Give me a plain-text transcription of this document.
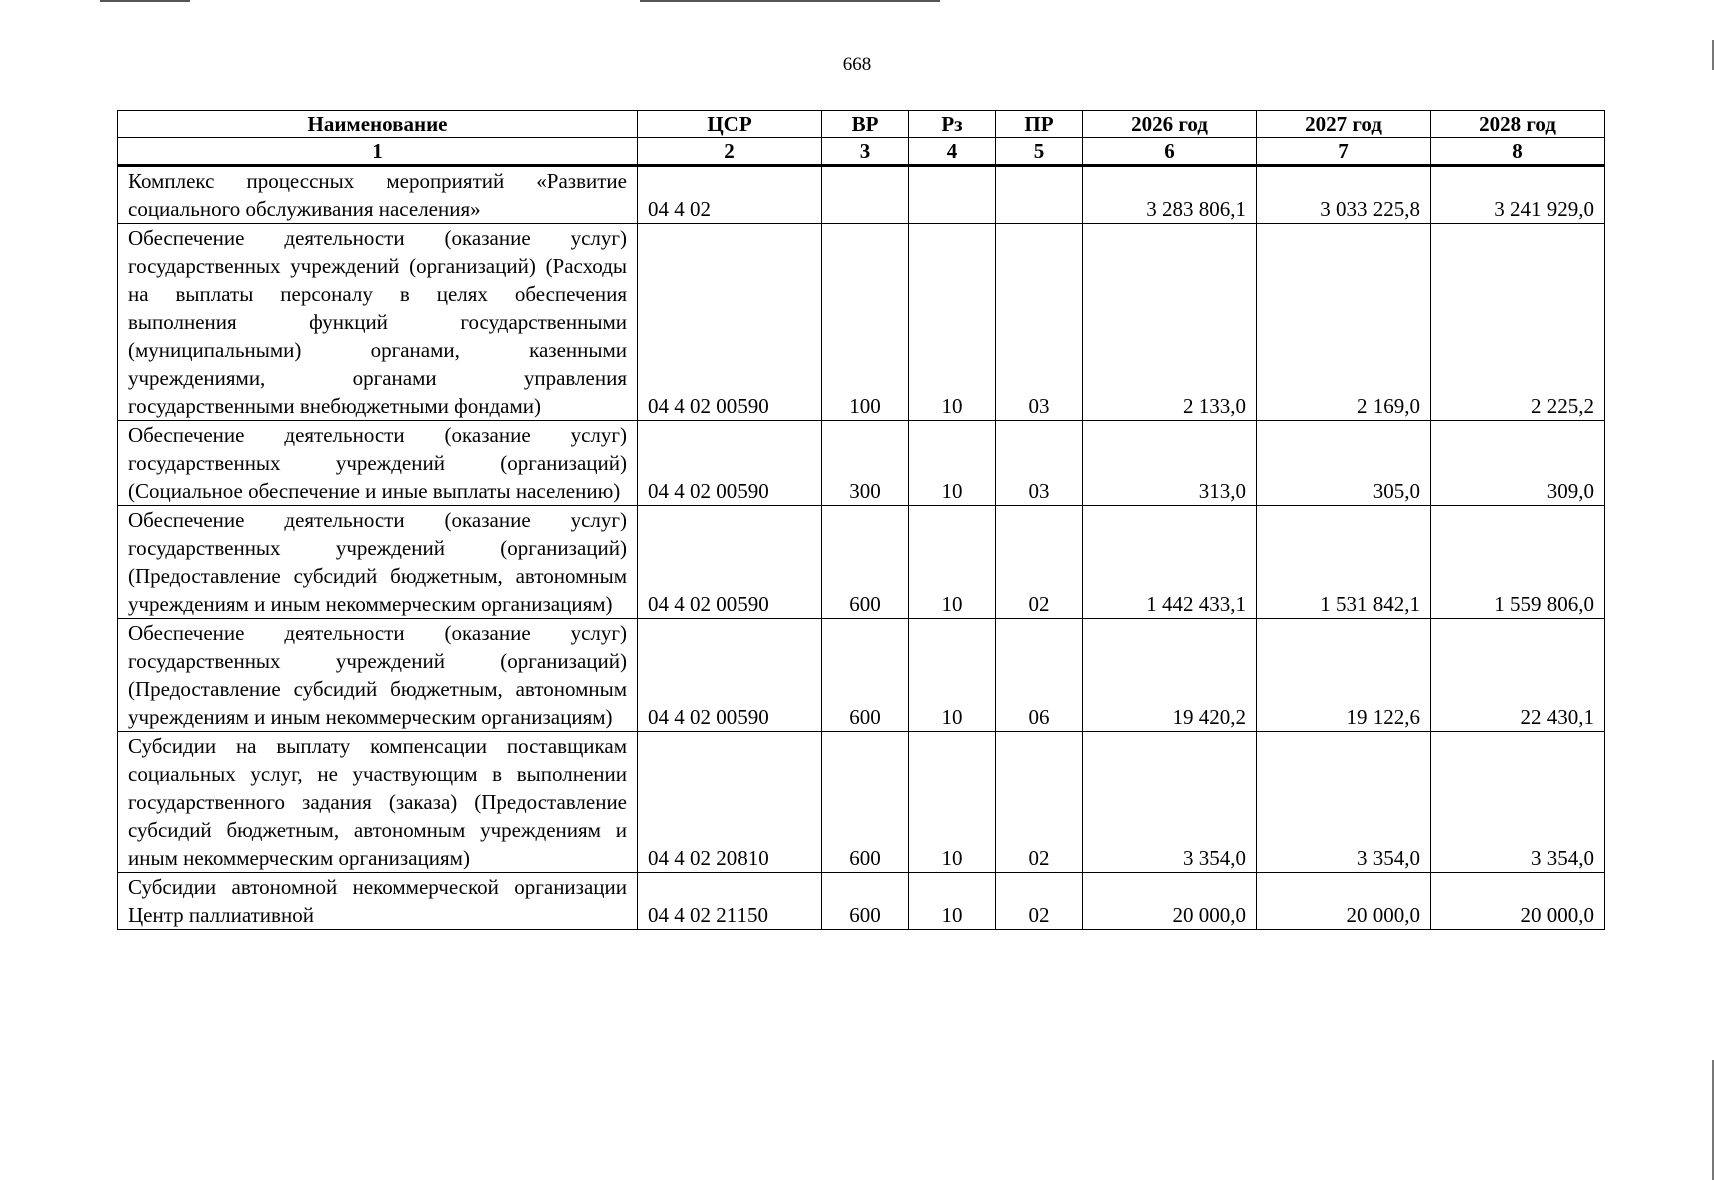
668
Наименование	ЦСР	ВР	Рз	ПР	2026 год	2027 год	2028 год
1	2	3	4	5	6	7	8
Комплекс процессных мероприятий «Развитие социального обслуживания населения»	04 4 02				3 283 806,1	3 033 225,8	3 241 929,0
Обеспечение деятельности (оказание услуг) государственных учреждений (организаций) (Расходы на выплаты персоналу в целях обеспечения выполнения функций государственными (муниципальными) органами, казенными учреждениями, органами управления государственными внебюджетными фондами)	04 4 02 00590	100	10	03	2 133,0	2 169,0	2 225,2
Обеспечение деятельности (оказание услуг) государственных учреждений (организаций) (Социальное обеспечение и иные выплаты населению)	04 4 02 00590	300	10	03	313,0	305,0	309,0
Обеспечение деятельности (оказание услуг) государственных учреждений (организаций) (Предоставление субсидий бюджетным, автономным учреждениям и иным некоммерческим организациям)	04 4 02 00590	600	10	02	1 442 433,1	1 531 842,1	1 559 806,0
Обеспечение деятельности (оказание услуг) государственных учреждений (организаций) (Предоставление субсидий бюджетным, автономным учреждениям и иным некоммерческим организациям)	04 4 02 00590	600	10	06	19 420,2	19 122,6	22 430,1
Субсидии на выплату компенсации поставщикам социальных услуг, не участвующим в выполнении государственного задания (заказа) (Предоставление субсидий бюджетным, автономным учреждениям и иным некоммерческим организациям)	04 4 02 20810	600	10	02	3 354,0	3 354,0	3 354,0
Субсидии автономной некоммерческой организации Центр паллиативной	04 4 02 21150	600	10	02	20 000,0	20 000,0	20 000,0
